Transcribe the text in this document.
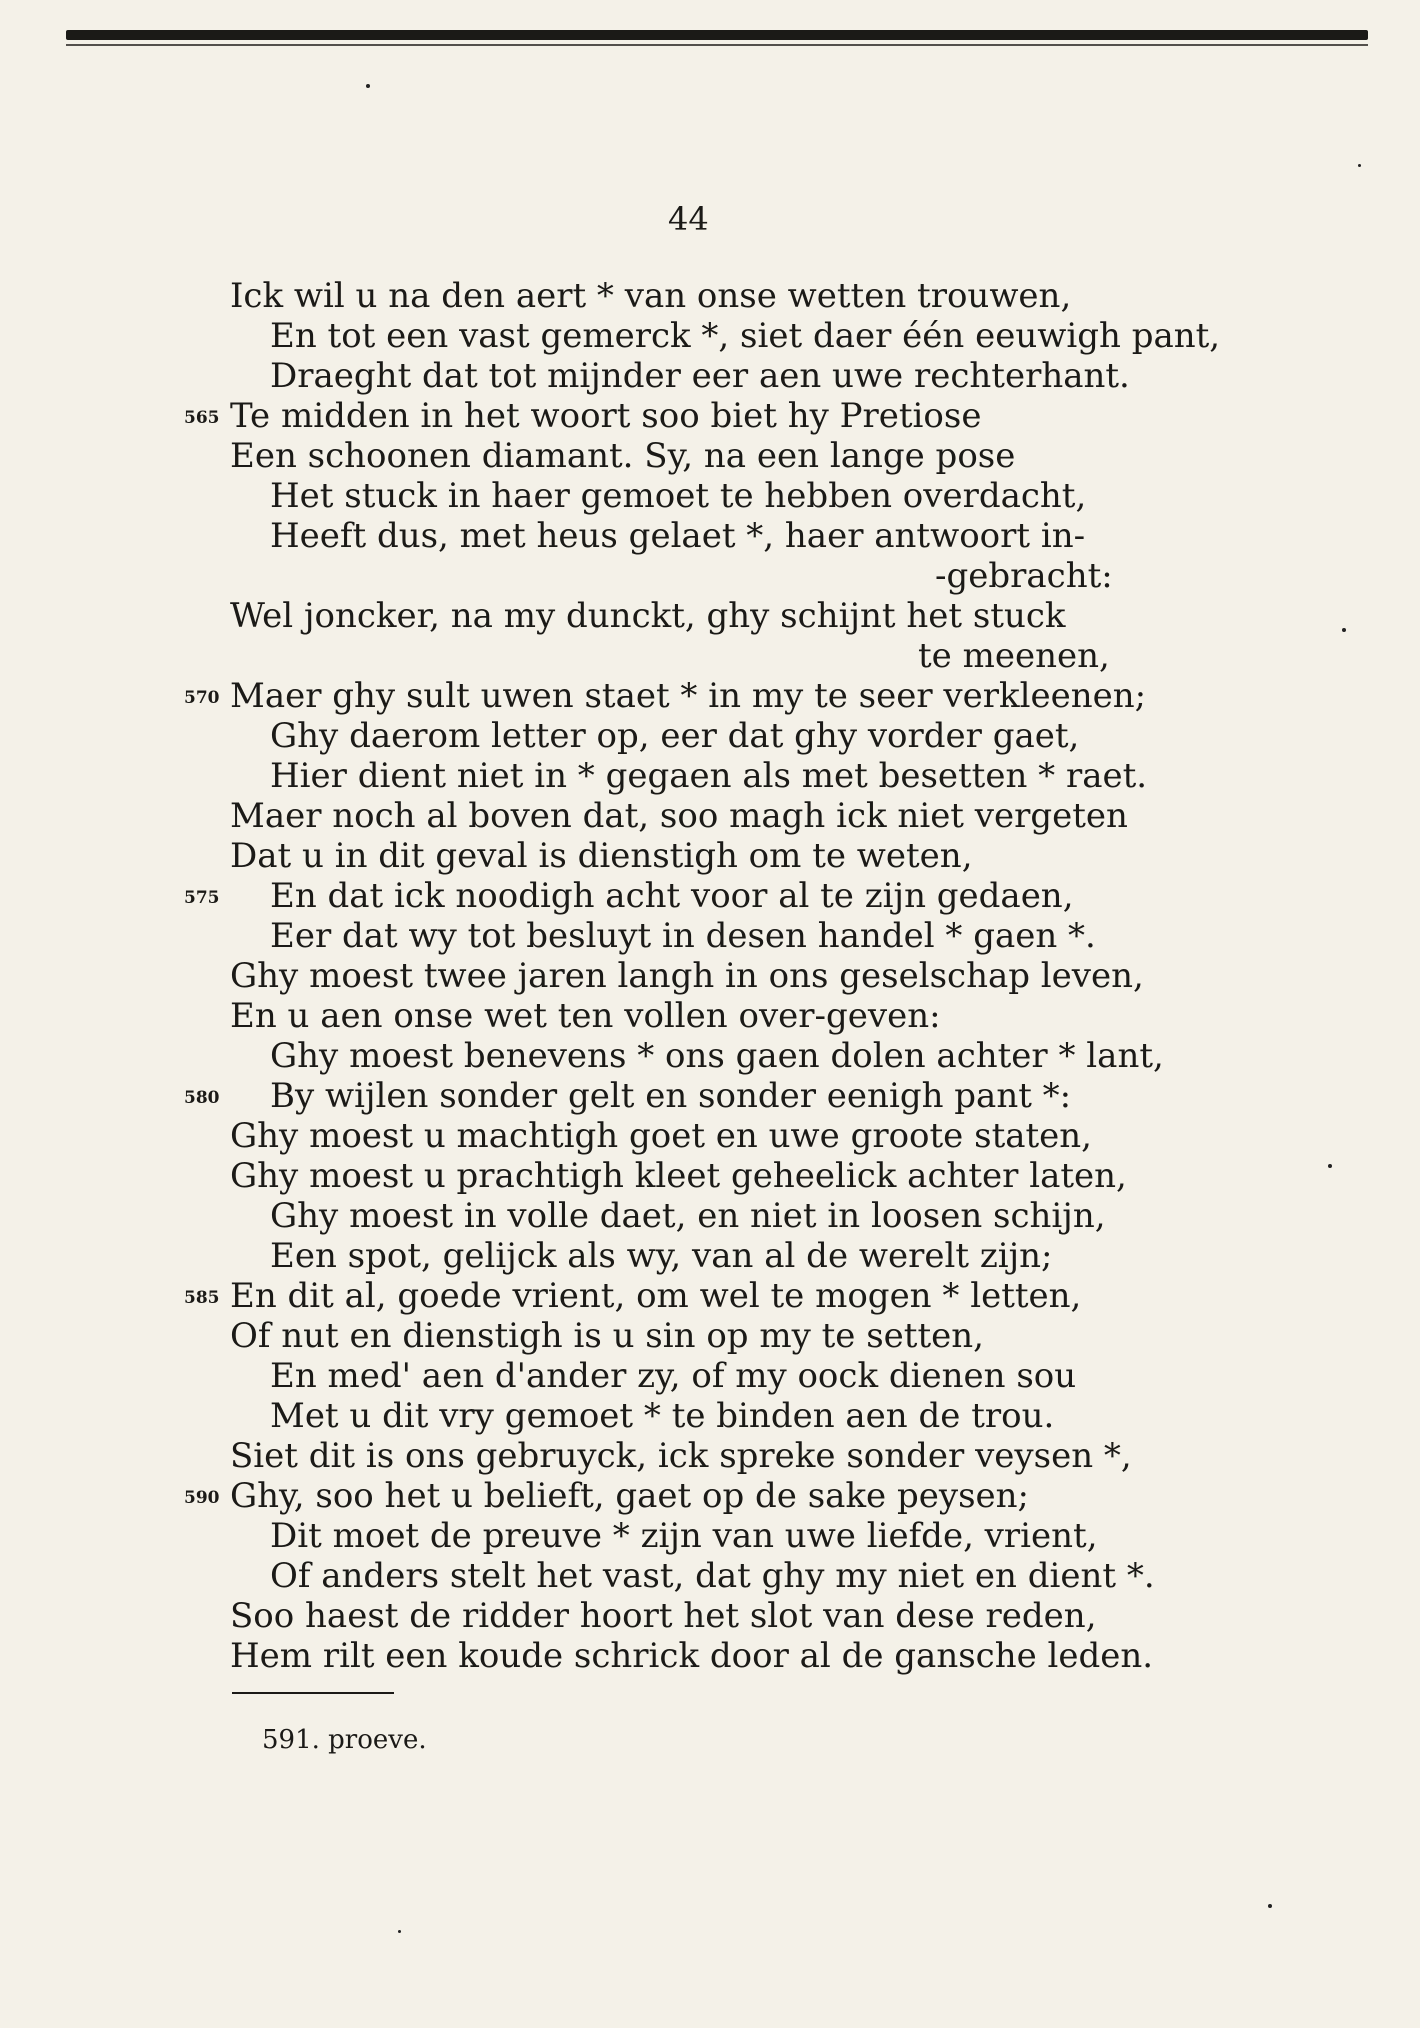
44
Ick wil u na den aert * van onse wetten trouwen,
En tot een vast gemerck *, siet daer één eeuwigh pant,
Draeght dat tot mijnder eer aen uwe rechterhant.
565 Te midden in het woort soo biet hy Pretiose
Een schoonen diamant. Sy, na een lange pose
Het stuck in haer gemoet te hebben overdacht,
Heeft dus, met heus gelaet *, haer antwoort in-
-gebracht:
Wel joncker, na my dunckt, ghy schijnt het stuck
te meenen,
570 Maer ghy sult uwen staet * in my te seer verkleenen;
Ghy daerom letter op, eer dat ghy vorder gaet,
Hier dient niet in * gegaen als met besetten * raet.
Maer noch al boven dat, soo magh ick niet vergeten
Dat u in dit geval is dienstigh om te weten,
575 En dat ick noodigh acht voor al te zijn gedaen,
Eer dat wy tot besluyt in desen handel * gaen *.
Ghy moest twee jaren langh in ons geselschap leven,
En u aen onse wet ten vollen over-geven:
Ghy moest benevens * ons gaen dolen achter * lant,
580 By wijlen sonder gelt en sonder eenigh pant *:
Ghy moest u machtigh goet en uwe groote staten,
Ghy moest u prachtigh kleet geheelick achter laten,
Ghy moest in volle daet, en niet in loosen schijn,
Een spot, gelijck als wy, van al de werelt zijn;
585 En dit al, goede vrient, om wel te mogen * letten,
Of nut en dienstigh is u sin op my te setten,
En med' aen d'ander zy, of my oock dienen sou
Met u dit vry gemoet * te binden aen de trou.
Siet dit is ons gebruyck, ick spreke sonder veysen *,
590 Ghy, soo het u belieft, gaet op de sake peysen;
Dit moet de preuve * zijn van uwe liefde, vrient,
Of anders stelt het vast, dat ghy my niet en dient *.
Soo haest de ridder hoort het slot van dese reden,
Hem rilt een koude schrick door al de gansche leden.
591. proeve.
